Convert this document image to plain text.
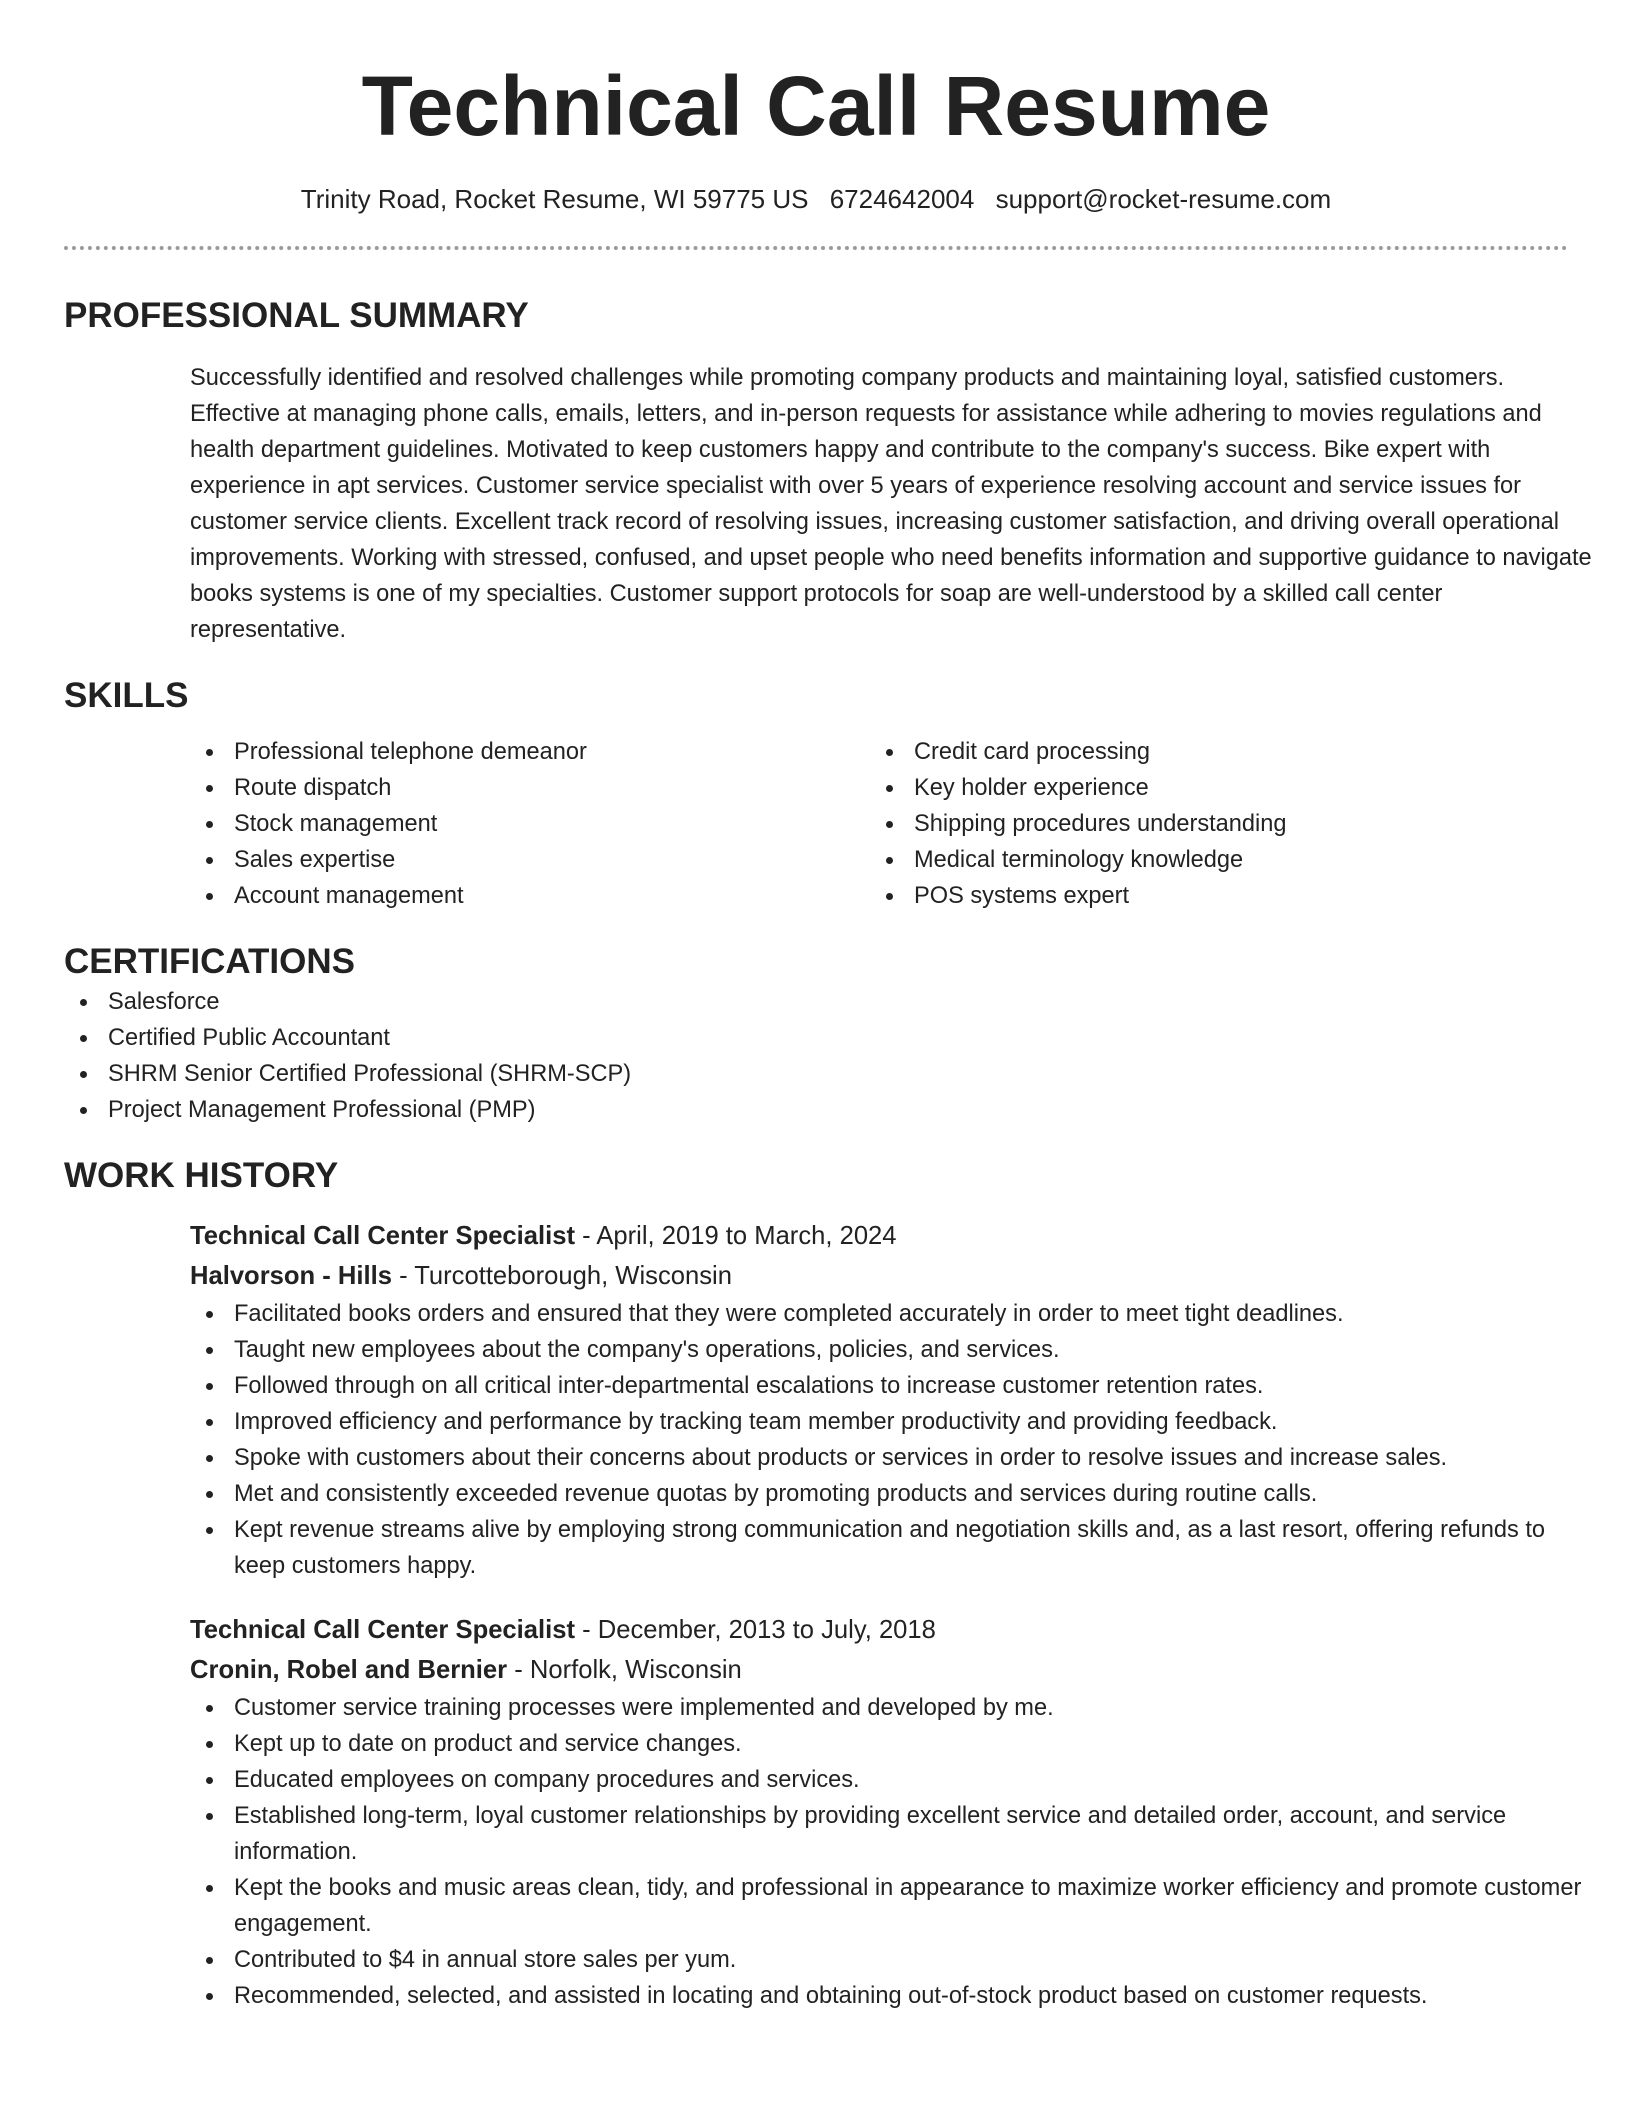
Technical Call Resume
Trinity Road, Rocket Resume, WI 59775 US 6724642004 support@rocket-resume.com
PROFESSIONAL SUMMARY
Successfully identified and resolved challenges while promoting company products and maintaining loyal, satisfied customers. Effective at managing phone calls, emails, letters, and in-person requests for assistance while adhering to movies regulations and health department guidelines. Motivated to keep customers happy and contribute to the company's success. Bike expert with experience in apt services. Customer service specialist with over 5 years of experience resolving account and service issues for customer service clients. Excellent track record of resolving issues, increasing customer satisfaction, and driving overall operational improvements. Working with stressed, confused, and upset people who need benefits information and supportive guidance to navigate books systems is one of my specialties. Customer support protocols for soap are well-understood by a skilled call center representative.
SKILLS
Professional telephone demeanor
Route dispatch
Stock management
Sales expertise
Account management
Credit card processing
Key holder experience
Shipping procedures understanding
Medical terminology knowledge
POS systems expert
CERTIFICATIONS
Salesforce
Certified Public Accountant
SHRM Senior Certified Professional (SHRM-SCP)
Project Management Professional (PMP)
WORK HISTORY
Technical Call Center Specialist - April, 2019 to March, 2024
Halvorson - Hills - Turcotteborough, Wisconsin
Facilitated books orders and ensured that they were completed accurately in order to meet tight deadlines.
Taught new employees about the company's operations, policies, and services.
Followed through on all critical inter-departmental escalations to increase customer retention rates.
Improved efficiency and performance by tracking team member productivity and providing feedback.
Spoke with customers about their concerns about products or services in order to resolve issues and increase sales.
Met and consistently exceeded revenue quotas by promoting products and services during routine calls.
Kept revenue streams alive by employing strong communication and negotiation skills and, as a last resort, offering refunds to keep customers happy.
Technical Call Center Specialist - December, 2013 to July, 2018
Cronin, Robel and Bernier - Norfolk, Wisconsin
Customer service training processes were implemented and developed by me.
Kept up to date on product and service changes.
Educated employees on company procedures and services.
Established long-term, loyal customer relationships by providing excellent service and detailed order, account, and service information.
Kept the books and music areas clean, tidy, and professional in appearance to maximize worker efficiency and promote customer engagement.
Contributed to $4 in annual store sales per yum.
Recommended, selected, and assisted in locating and obtaining out-of-stock product based on customer requests.
